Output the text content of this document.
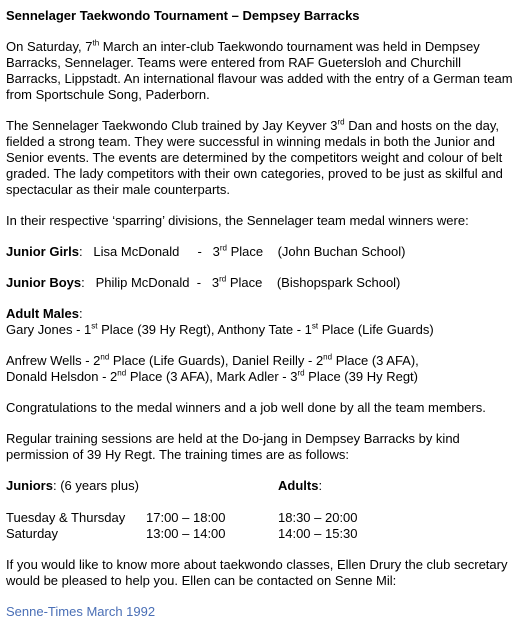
Sennelager Taekwondo Tournament – Dempsey Barracks

On Saturday, 7th March an inter-club Taekwondo tournament was held in Dempsey Barracks, Sennelager. Teams were entered from RAF Guetersloh and Churchill Barracks, Lippstadt. An international flavour was added with the entry of a German team from Sportschule Song, Paderborn.

The Sennelager Taekwondo Club trained by Jay Keyver 3rd Dan and hosts on the day, fielded a strong team. They were successful in winning medals in both the Junior and Senior events. The events are determined by the competitors weight and colour of belt graded. The lady competitors with their own categories, proved to be just as skilful and spectacular as their male counterparts.

In their respective ‘sparring’ divisions, the Sennelager team medal winners were:

Junior Girls:   Lisa McDonald     -   3rd Place    (John Buchan School)

Junior Boys:   Philip McDonald  -   3rd Place    (Bishopspark School)

Adult Males:
Gary Jones - 1st Place (39 Hy Regt), Anthony Tate - 1st Place (Life Guards)
Anfrew Wells - 2nd Place (Life Guards), Daniel Reilly - 2nd Place (3 AFA),
Donald Helsdon - 2nd Place (3 AFA), Mark Adler - 3rd Place (39 Hy Regt)

Congratulations to the medal winners and a job well done by all the team members.

Regular training sessions are held at the Do-jang in Dempsey Barracks by kind permission of 39 Hy Regt. The training times are as follows:

Juniors: (6 years plus)		Adults:
Tuesday & Thursday	17:00 – 18:00	18:30 – 20:00
Saturday	13:00 – 14:00	14:00 – 15:30

If you would like to know more about taekwondo classes, Ellen Drury the club secretary would be pleased to help you. Ellen can be contacted on Senne Mil:

Senne-Times March 1992
